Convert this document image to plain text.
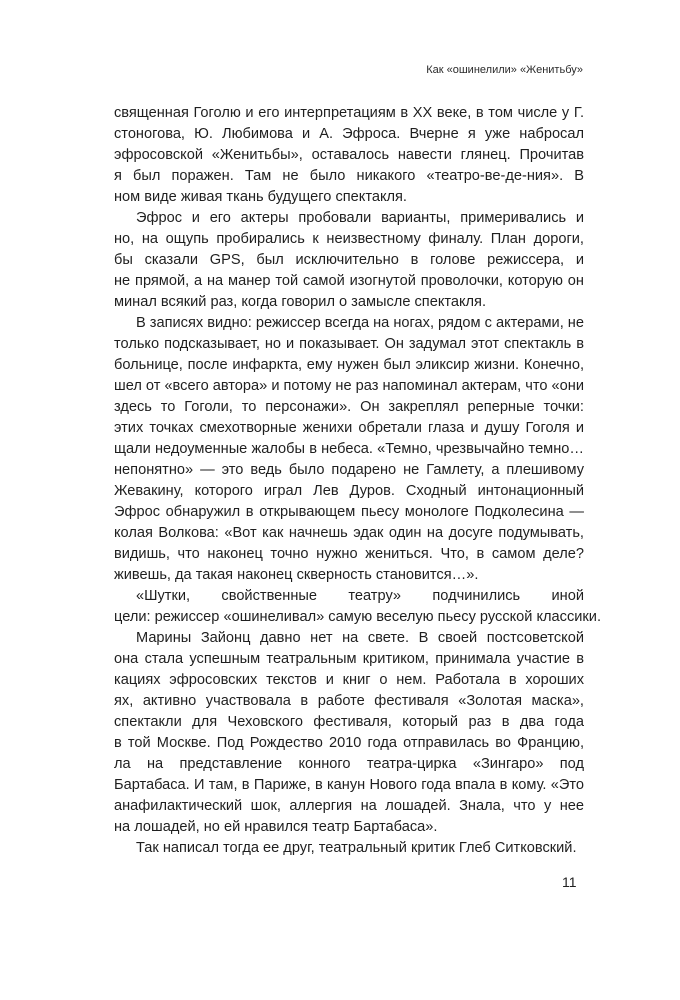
Как «ошинелили» «Женитьбу»
священная Гоголю и его интерпретациям в XX веке, в том числе у Г.
стоногова, Ю. Любимова и А. Эфроса. Вчерне я уже набросал
эфросовской «Женитьбы», оставалось навести глянец. Прочитав
я был поражен. Там не было никакого «театро-ве-де-ния». В
ном виде живая ткань будущего спектакля.
Эфрос и его актеры пробовали варианты, примеривались и
но, на ощупь пробирались к неизвестному финалу. План дороги,
бы сказали GPS, был исключительно в голове режиссера, и
не прямой, а на манер той самой изогнутой проволочки, которую он
минал всякий раз, когда говорил о замысле спектакля.
В записях видно: режиссер всегда на ногах, рядом с актерами, не
только подсказывает, но и показывает. Он задумал этот спектакль в
больнице, после инфаркта, ему нужен был эликсир жизни. Конечно,
шел от «всего автора» и потому не раз напоминал актерам, что «они
здесь то Гоголи, то персонажи». Он закреплял реперные точки:
этих точках смехотворные женихи обретали глаза и душу Гоголя и
щали недоуменные жалобы в небеса. «Темно, чрезвычайно темно…
непонятно» — это ведь было подарено не Гамлету, а плешивому
Жевакину, которого играл Лев Дуров. Сходный интонационный
Эфрос обнаружил в открывающем пьесу монологе Подколесина —
колая Волкова: «Вот как начнешь эдак один на досуге подумывать,
видишь, что наконец точно нужно жениться. Что, в самом деле?
живешь, да такая наконец скверность становится…».
«Шутки, свойственные театру» подчинились иной
цели: режиссер «ошинеливал» самую веселую пьесу русской классики.
Марины Зайонц давно нет на свете. В своей постсоветской
она стала успешным театральным критиком, принимала участие в
кациях эфросовских текстов и книг о нем. Работала в хороших
ях, активно участвовала в работе фестиваля «Золотая маска»,
спектакли для Чеховского фестиваля, который раз в два года
в той Москве. Под Рождество 2010 года отправилась во Францию,
ла на представление конного театра-цирка «Зингаро» под
Бартабаса. И там, в Париже, в канун Нового года впала в кому. «Это
анафилактический шок, аллергия на лошадей. Знала, что у нее
на лошадей, но ей нравился театр Бартабаса».
Так написал тогда ее друг, театральный критик Глеб Ситковский.
11
